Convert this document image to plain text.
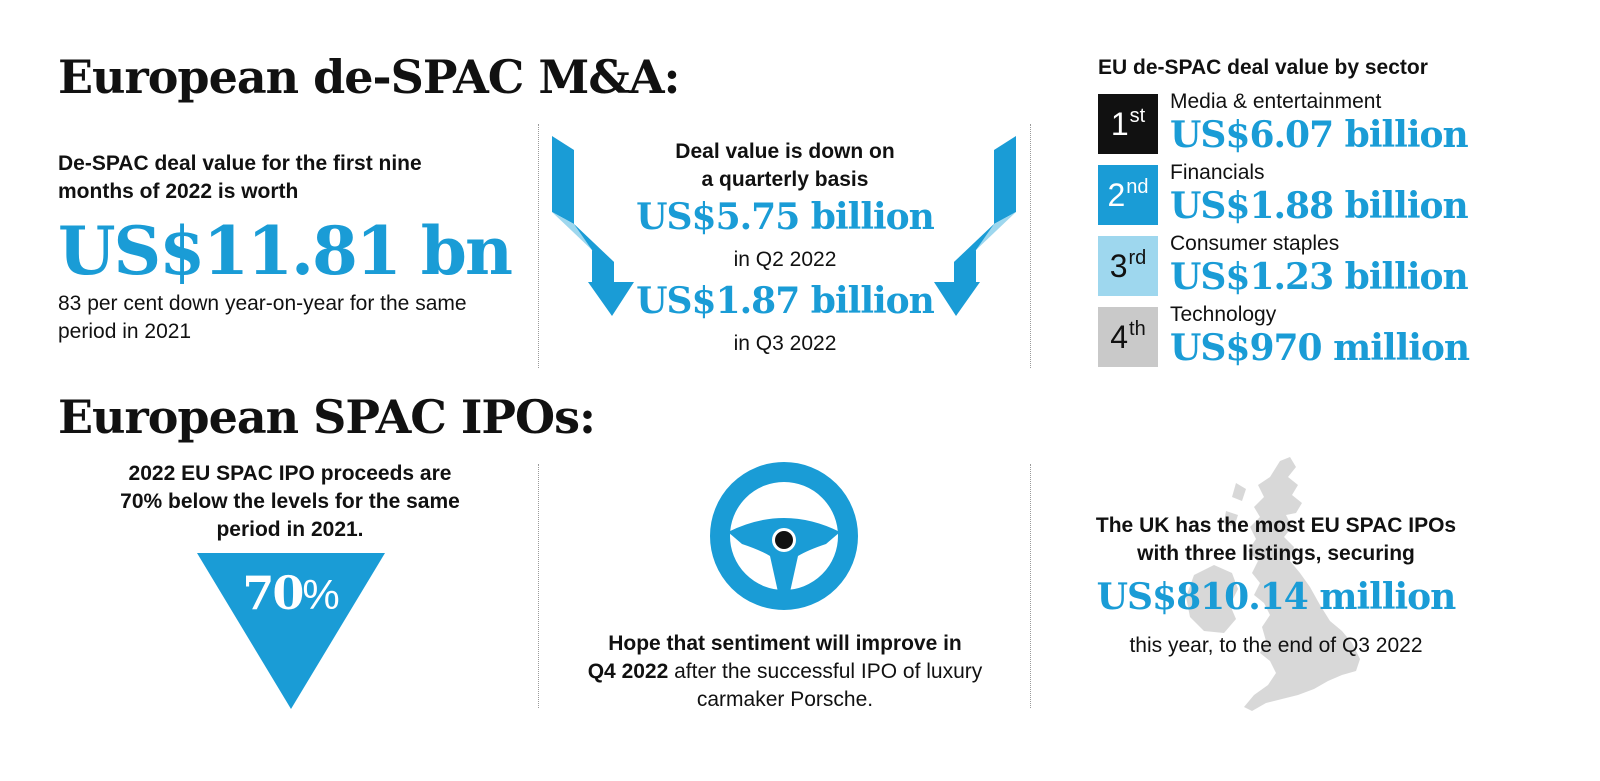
European de-SPAC M&A:
De-SPAC deal value for the first nine months of 2022 is worth
US$11.81 bn
83 per cent down year-on-year for the same period in 2021
Deal value is down on
a quarterly basis
US$5.75 billion
in Q2 2022
US$1.87 billion
in Q3 2022
EU de-SPAC deal value by sector
1st
Media & entertainment
US$6.07 billion
2nd
Financials
US$1.88 billion
3rd
Consumer staples
US$1.23 billion
4th
Technology
US$970 million
European SPAC IPOs:
2022 EU SPAC IPO proceeds are
70% below the levels for the same
period in 2021.
70%
Hope that sentiment will improve in
Q4 2022 after the successful IPO of luxury
carmaker Porsche.
The UK has the most EU SPAC IPOs
with three listings, securing
US$810.14 million
this year, to the end of Q3 2022
